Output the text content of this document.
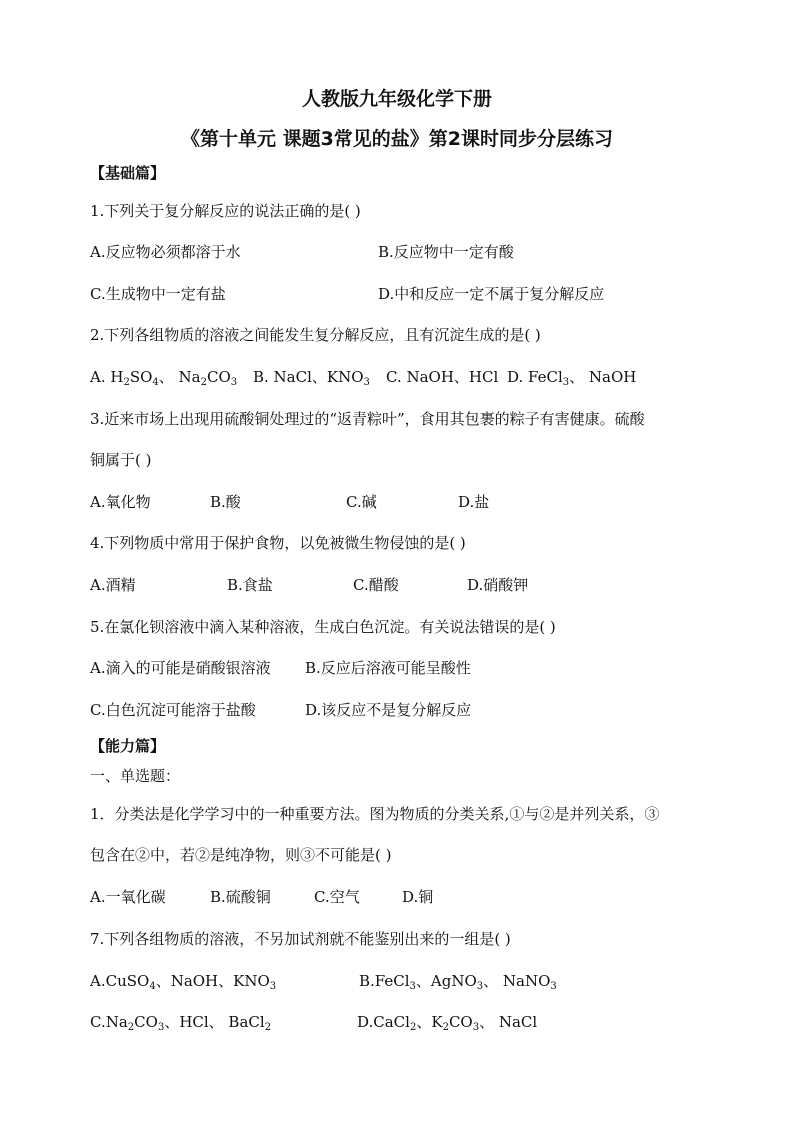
人教版九年级化学下册
《第十单元 课题3常见的盐》第2课时同步分层练习
【基础篇】
1.下列关于复分解反应的说法正确的是( )
A.反应物必须都溶于水	B.反应物中一定有酸
C.生成物中一定有盐	D.中和反应一定不属于复分解反应
2.下列各组物质的溶液之间能发生复分解反应，且有沉淀生成的是( )
A. $H_2SO_4$、 $Na_2CO_3$ B. NaCl、$KNO_3$ C. NaOH、HCl D. FeCl$_3$、 NaOH
3.近来市场上出现用硫酸铜处理过的“返青粽叶”，食用其包裹的粽子有害健康。硫酸
铜属于( )
A.氧化物	B.酸	C.碱	D.盐
4.下列物质中常用于保护食物，以免被微生物侵蚀的是( )
A.酒精	B.食盐	C.醋酸	D.硝酸钾
5.在氯化钡溶液中滴入某种溶液，生成白色沉淀。有关说法错误的是( )
A.滴入的可能是硝酸银溶液 B.反应后溶液可能呈酸性
C.白色沉淀可能溶于盐酸	D.该反应不是复分解反应
【能力篇】
一、单选题：
1．分类法是化学学习中的一种重要方法。图为物质的分类关系,①与②是并列关系，③
包含在②中，若②是纯净物，则③不可能是( )
A.一氧化碳	B.硫酸铜	C.空气	D.铜
7.下列各组物质的溶液，不另加试剂就不能鉴别出来的一组是( )
A.CuSO$_4$、NaOH、$KNO_3$	B.FeCl$_3$、AgNO$_3$、 NaNO$_3$
$C.Na_2CO_3$、HCl、 BaCl$_2$	D.CaCl$_2$、$K_2CO_3$、 NaCl
